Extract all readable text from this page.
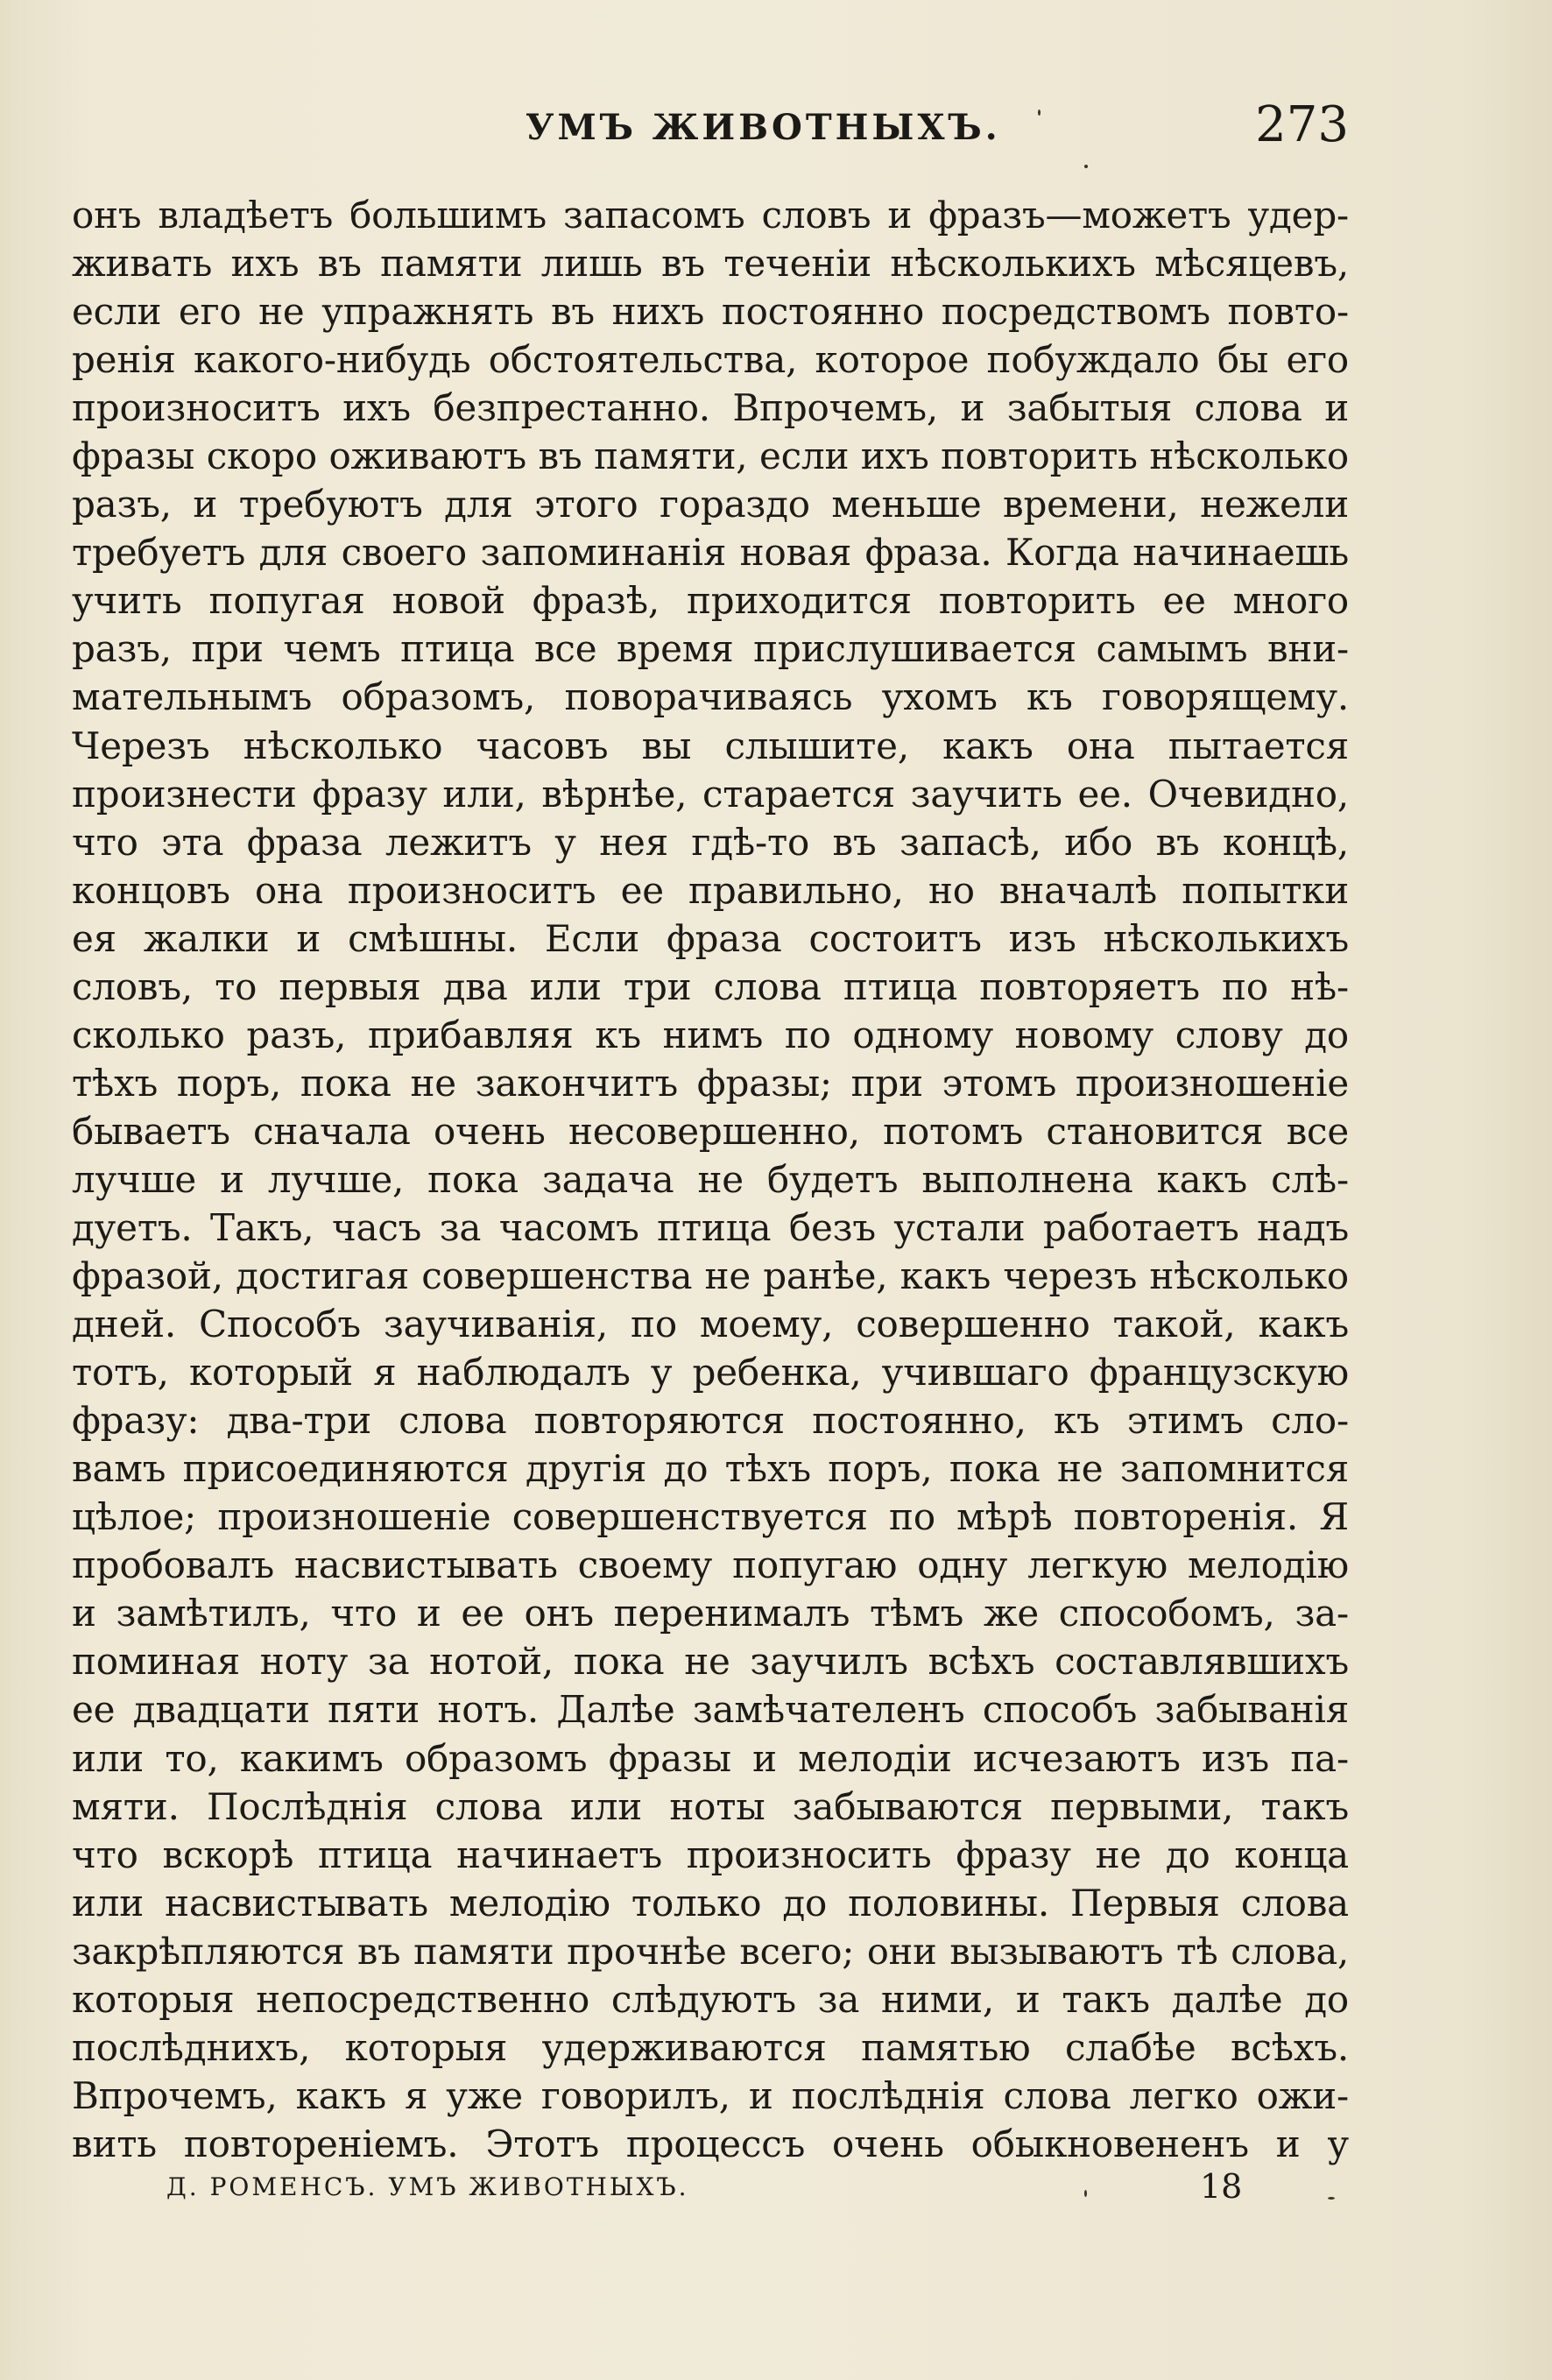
УМЪ ЖИВОТНЫХЪ.	273
онъ владѣетъ большимъ запасомъ словъ и фразъ—можетъ удер-
живать ихъ въ памяти лишь въ теченіи нѣсколькихъ мѣсяцевъ,
если его не упражнять въ нихъ постоянно посредствомъ повто-
ренія какого-нибудь обстоятельства, которое побуждало бы его
произноситъ ихъ безпрестанно. Впрочемъ, и забытыя слова и
фразы скоро оживаютъ въ памяти, если ихъ повторить нѣсколько
разъ, и требуютъ для этого гораздо меньше времени, нежели
требуетъ для своего запоминанія новая фраза. Когда начинаешь
учить попугая новой фразѣ, приходится повторить ее много
разъ, при чемъ птица все время прислушивается самымъ вни-
мательнымъ образомъ, поворачиваясь ухомъ къ говорящему.
Черезъ нѣсколько часовъ вы слышите, какъ она пытается
произнести фразу или, вѣрнѣе, старается заучить ее. Очевидно,
что эта фраза лежитъ у нея гдѣ-то въ запасѣ, ибо въ концѣ,
концовъ она произноситъ ее правильно, но вначалѣ попытки
ея жалки и смѣшны. Если фраза состоитъ изъ нѣсколькихъ
словъ, то первыя два или три слова птица повторяетъ по нѣ-
сколько разъ, прибавляя къ нимъ по одному новому слову до
тѣхъ поръ, пока не закончитъ фразы; при этомъ произношеніе
бываетъ сначала очень несовершенно, потомъ становится все
лучше и лучше, пока задача не будетъ выполнена какъ слѣ-
дуетъ. Такъ, часъ за часомъ птица безъ устали работаетъ надъ
фразой, достигая совершенства не ранѣе, какъ черезъ нѣсколько
дней. Способъ заучиванія, по моему, совершенно такой, какъ
тотъ, который я наблюдалъ у ребенка, учившаго французскую
фразу: два-три слова повторяются постоянно, къ этимъ сло-
вамъ присоединяются другія до тѣхъ поръ, пока не запомнится
цѣлое; произношеніе совершенствуется по мѣрѣ повторенія. Я
пробовалъ насвистывать своему попугаю одну легкую мелодію
и замѣтилъ, что и ее онъ перенималъ тѣмъ же способомъ, за-
поминая ноту за нотой, пока не заучилъ всѣхъ составлявшихъ
ее двадцати пяти нотъ. Далѣе замѣчателенъ способъ забыванія
или то, какимъ образомъ фразы и мелодіи исчезаютъ изъ па-
мяти. Послѣднія слова или ноты забываются первыми, такъ
что вскорѣ птица начинаетъ произносить фразу не до конца
или насвистывать мелодію только до половины. Первыя слова
закрѣпляются въ памяти прочнѣе всего; они вызываютъ тѣ слова,
которыя непосредственно слѣдуютъ за ними, и такъ далѣе до
послѣднихъ, которыя удерживаются памятью слабѣе всѣхъ.
Впрочемъ, какъ я уже говорилъ, и послѣднія слова легко ожи-
вить повтореніемъ. Этотъ процессъ очень обыкновененъ и у
Д. РОМЕНСЪ. УМЪ ЖИВОТНЫХЪ.	18
